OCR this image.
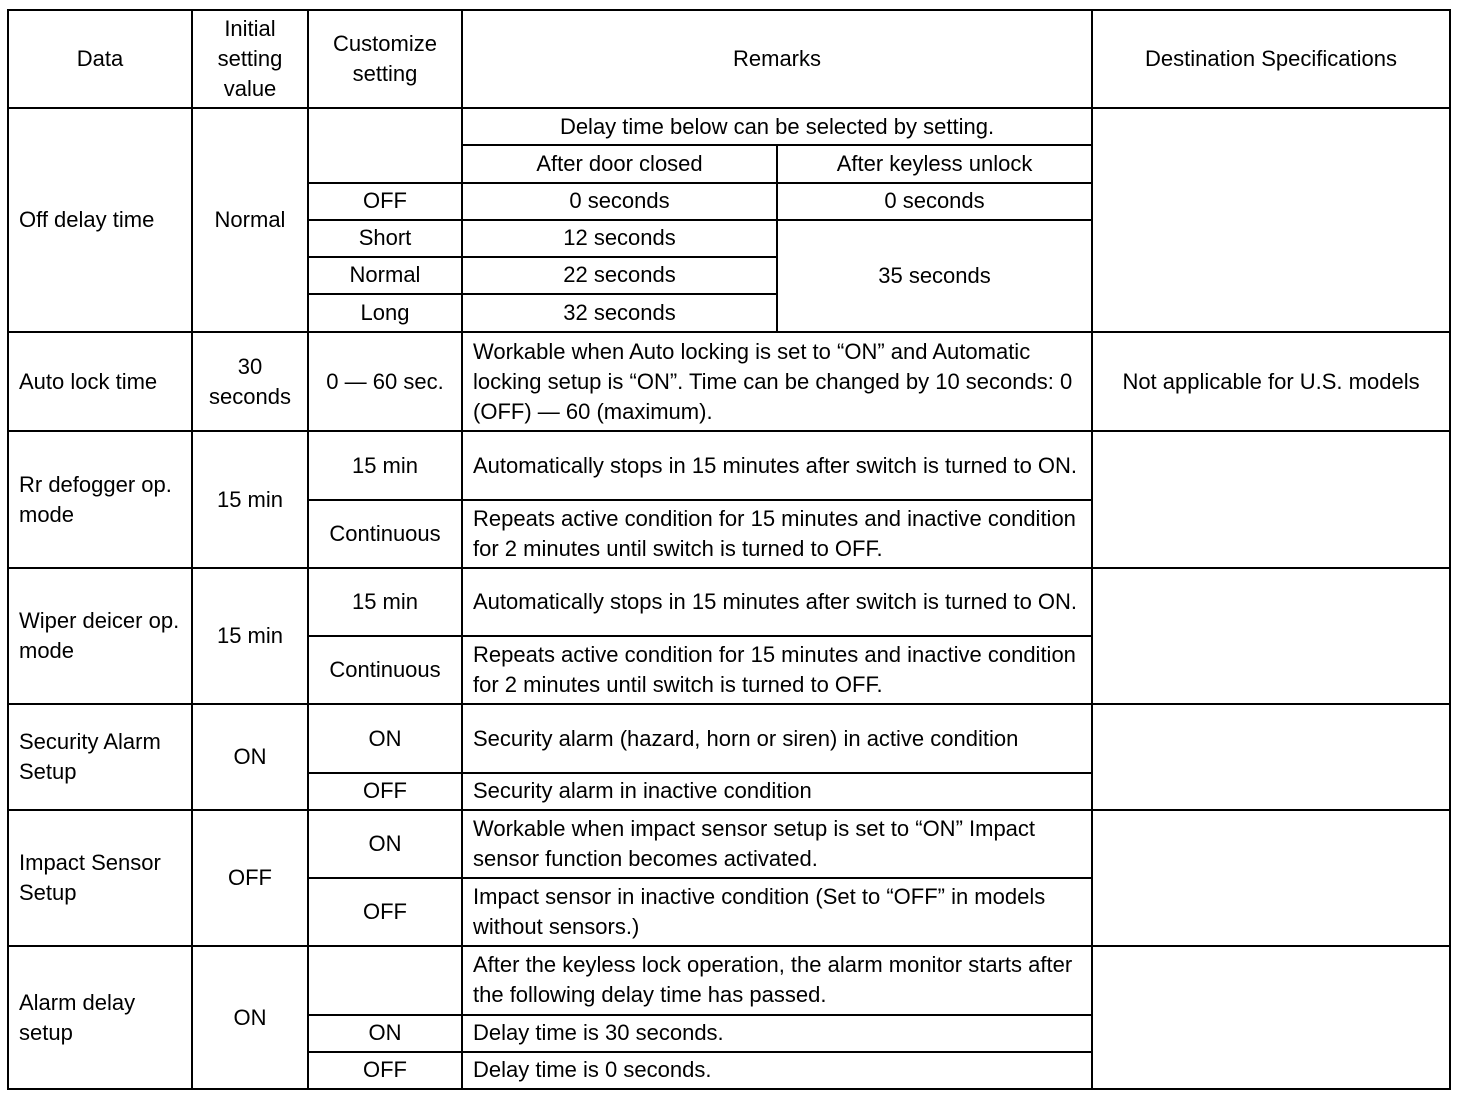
Data	Initial setting value	Customize setting	Remarks		Destination Specifications
Off delay time	Normal		Delay time below can be selected by setting.		
			After door closed	After keyless unlock	
		OFF	0 seconds	0 seconds	
		Short	12 seconds	35 seconds	
		Normal	22 seconds		
		Long	32 seconds		
Auto lock time	30 seconds	0 — 60 sec.	Workable when Auto locking is set to “ON” and Automatic locking setup is “ON”. Time can be changed by 10 seconds: 0 (OFF) — 60 (maximum).		Not applicable for U.S. models
Rr defogger op. mode	15 min	15 min	Automatically stops in 15 minutes after switch is turned to ON.		
		Continuous	Repeats active condition for 15 minutes and inactive condition for 2 minutes until switch is turned to OFF.		
Wiper deicer op. mode	15 min	15 min	Automatically stops in 15 minutes after switch is turned to ON.		
		Continuous	Repeats active condition for 15 minutes and inactive condition for 2 minutes until switch is turned to OFF.		
Security Alarm Setup	ON	ON	Security alarm (hazard, horn or siren) in active condition		
		OFF	Security alarm in inactive condition		
Impact Sensor Setup	OFF	ON	Workable when impact sensor setup is set to “ON” Impact sensor function becomes activated.		
		OFF	Impact sensor in inactive condition (Set to “OFF” in models without sensors.)		
Alarm delay setup	ON		After the keyless lock operation, the alarm monitor starts after the following delay time has passed.		
		ON	Delay time is 30 seconds.		
		OFF	Delay time is 0 seconds.		
